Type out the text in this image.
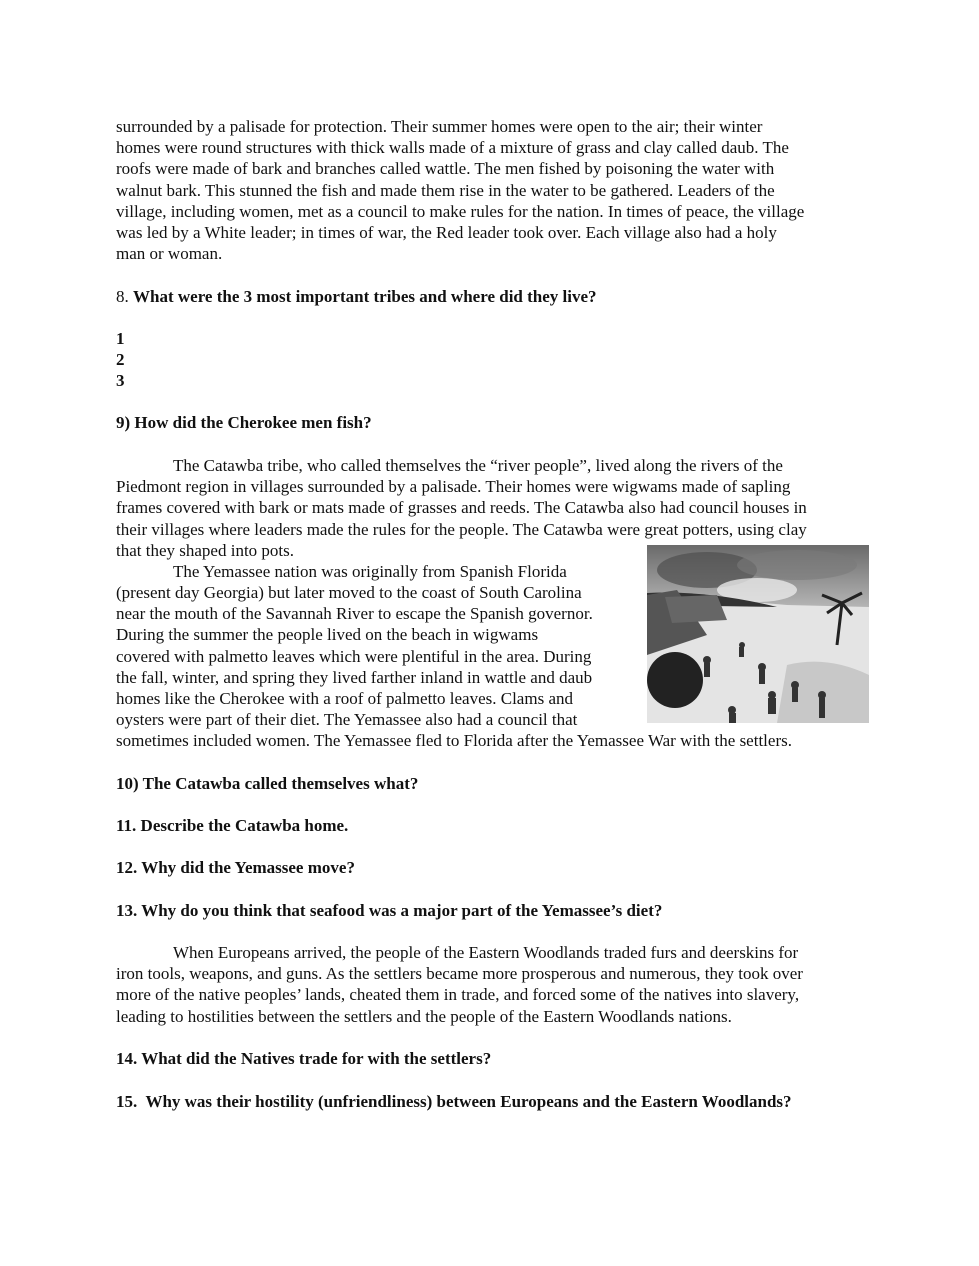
surrounded by a palisade for protection. Their summer homes were open to the air; their winter
homes were round structures with thick walls made of a mixture of grass and clay called daub. The
roofs were made of bark and branches called wattle. The men fished by poisoning the water with
walnut bark. This stunned the fish and made them rise in the water to be gathered. Leaders of the
village, including women, met as a council to make rules for the nation. In times of peace, the village
was led by a White leader; in times of war, the Red leader took over. Each village also had a holy
man or woman.
8. What were the 3 most important tribes and where did they live?
1
2
3
9) How did the Cherokee men fish?
The Catawba tribe, who called themselves the “river people”, lived along the rivers of the
Piedmont region in villages surrounded by a palisade. Their homes were wigwams made of sapling
frames covered with bark or mats made of grasses and reeds. The Catawba also had council houses in
their villages where leaders made the rules for the people. The Catawba were great potters, using clay
that they shaped into pots.
The Yemassee nation was originally from Spanish Florida
(present day Georgia) but later moved to the coast of South Carolina
near the mouth of the Savannah River to escape the Spanish governor.
During the summer the people lived on the beach in wigwams
covered with palmetto leaves which were plentiful in the area. During
the fall, winter, and spring they lived farther inland in wattle and daub
homes like the Cherokee with a roof of palmetto leaves. Clams and
oysters were part of their diet. The Yemassee also had a council that
sometimes included women. The Yemassee fled to Florida after the Yemassee War with the settlers.
10) The Catawba called themselves what?
11. Describe the Catawba home.
12. Why did the Yemassee move?
13. Why do you think that seafood was a major part of the Yemassee’s diet?
When Europeans arrived, the people of the Eastern Woodlands traded furs and deerskins for
iron tools, weapons, and guns. As the settlers became more prosperous and numerous, they took over
more of the native peoples’ lands, cheated them in trade, and forced some of the natives into slavery,
leading to hostilities between the settlers and the people of the Eastern Woodlands nations.
14. What did the Natives trade for with the settlers?
15.  Why was their hostility (unfriendliness) between Europeans and the Eastern Woodlands?
